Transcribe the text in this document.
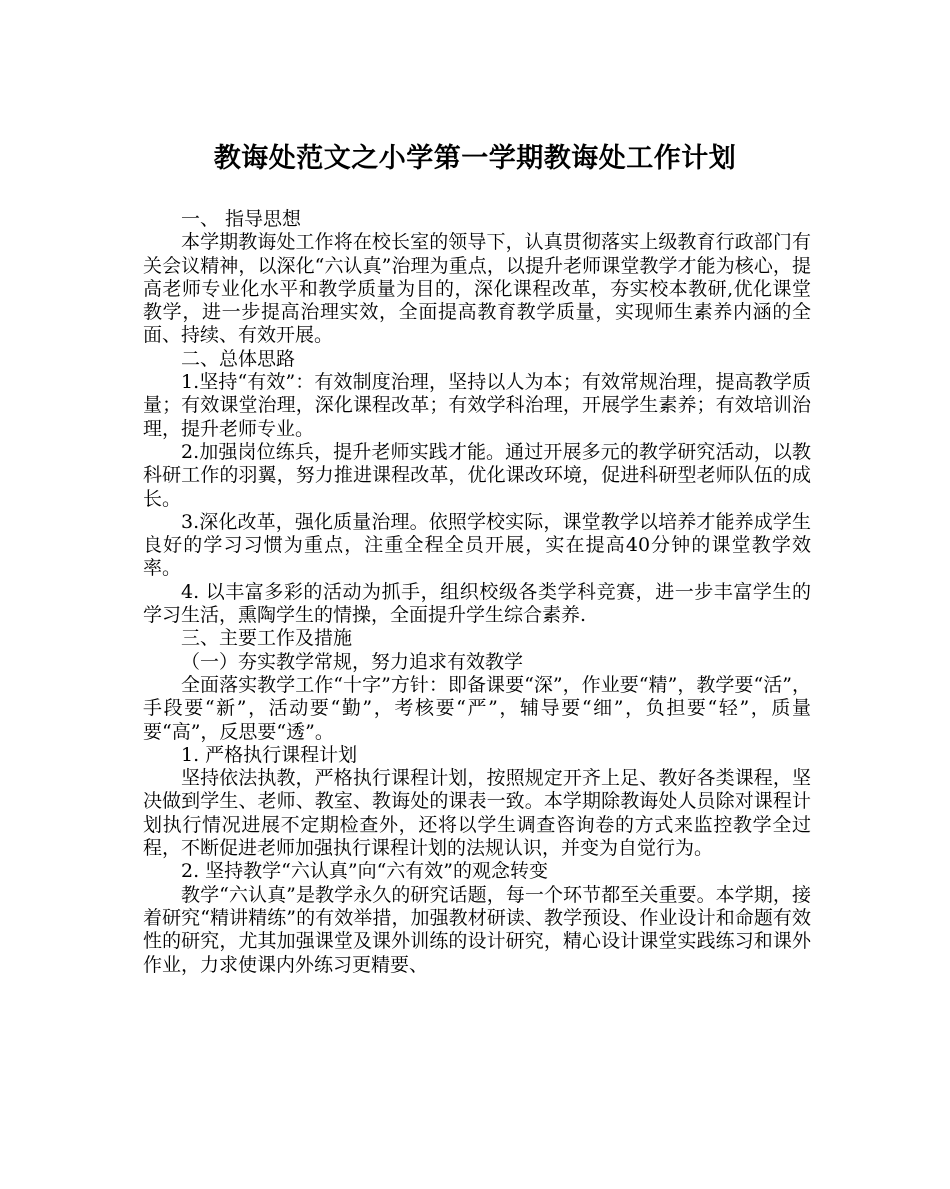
教诲处范文之小学第一学期教诲处工作计划

一、 指导思想

本学期教诲处工作将在校长室的领导下，认真贯彻落实上级教育行政部门有关会议精神，以深化“六认真”治理为重点，以提升老师课堂教学才能为核心，提高老师专业化水平和教学质量为目的，深化课程改革，夯实校本教研,优化课堂教学，进一步提高治理实效，全面提高教育教学质量，实现师生素养内涵的全面、持续、有效开展。

二、总体思路

1.坚持“有效”：有效制度治理，坚持以人为本；有效常规治理，提高教学质量；有效课堂治理，深化课程改革；有效学科治理，开展学生素养；有效培训治理，提升老师专业。

2.加强岗位练兵，提升老师实践才能。通过开展多元的教学研究活动，以教科研工作的羽翼，努力推进课程改革，优化课改环境，促进科研型老师队伍的成长。

3.深化改革，强化质量治理。依照学校实际，课堂教学以培养才能养成学生良好的学习习惯为重点，注重全程全员开展，实在提高40分钟的课堂教学效率。

4. 以丰富多彩的活动为抓手，组织校级各类学科竞赛，进一步丰富学生的学习生活，熏陶学生的情操，全面提升学生综合素养.

三、主要工作及措施

（一）夯实教学常规，努力追求有效教学

全面落实教学工作“十字”方针：即备课要“深”，作业要“精”，教学要“活”，手段要“新”，活动要“勤”，考核要“严”，辅导要“细”，负担要“轻”，质量要“高”，反思要“透”。

1. 严格执行课程计划

坚持依法执教，严格执行课程计划，按照规定开齐上足、教好各类课程，坚决做到学生、老师、教室、教诲处的课表一致。本学期除教诲处人员除对课程计划执行情况进展不定期检查外，还将以学生调查咨询卷的方式来监控教学全过程，不断促进老师加强执行课程计划的法规认识，并变为自觉行为。

2. 坚持教学“六认真”向“六有效”的观念转变

教学“六认真”是教学永久的研究话题，每一个环节都至关重要。本学期，接着研究“精讲精练”的有效举措，加强教材研读、教学预设、作业设计和命题有效性的研究，尤其加强课堂及课外训练的设计研究，精心设计课堂实践练习和课外作业，力求使课内外练习更精要、
